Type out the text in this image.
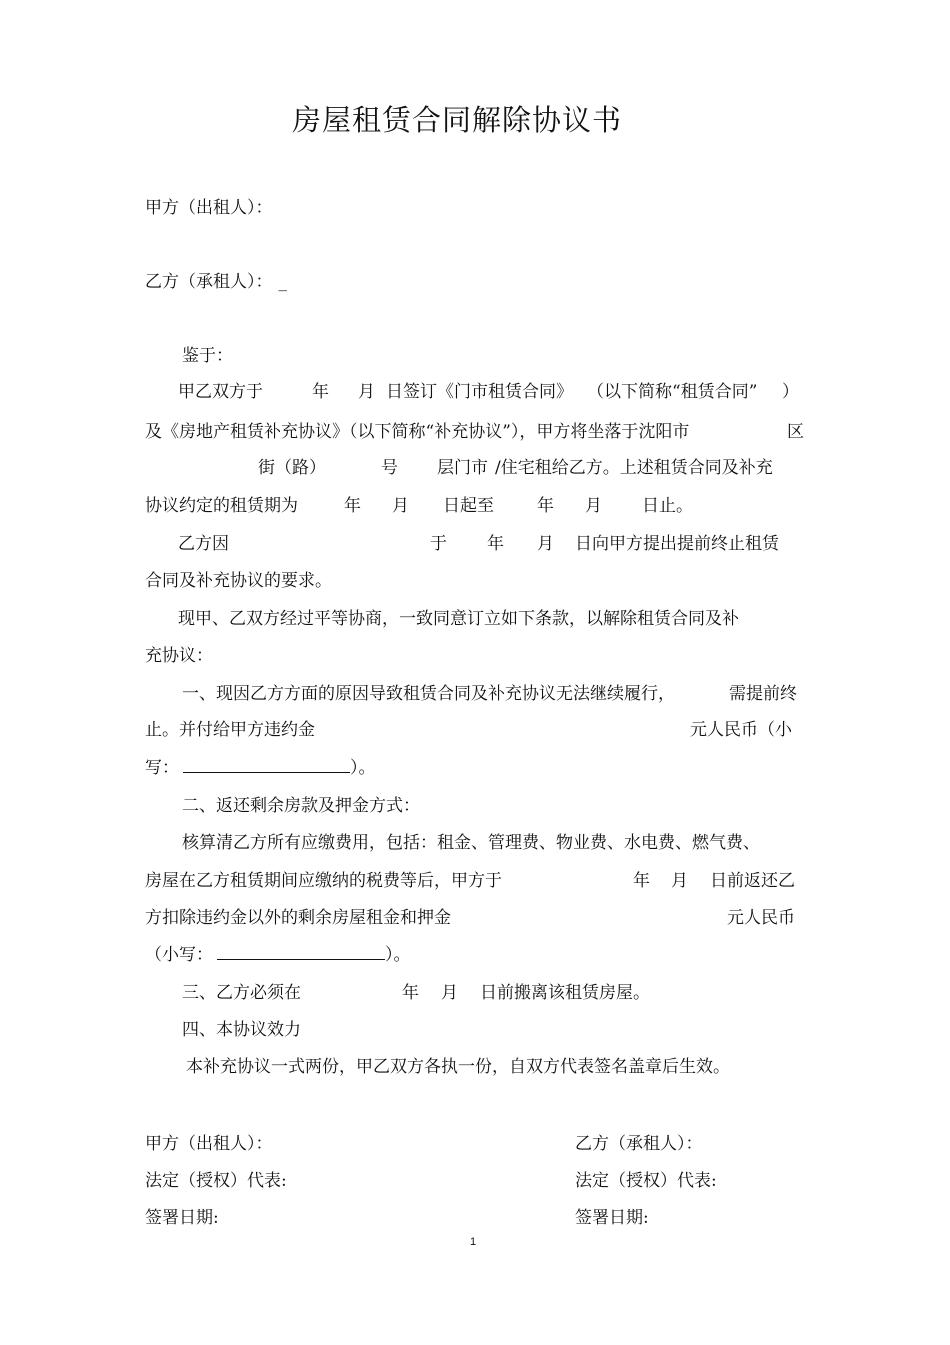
房屋租赁合同解除协议书
甲方（出租人）：
乙方（承租人）： _
鉴于：
甲乙双方于	年 月 日签订《门市租赁合同》 （以下简称“租赁合同” ）
及《房地产租赁补充协议》（以下简称“补充协议”），甲方将坐落于沈阳市	区
街（路）	号 层门市 /住宅租给乙方。上述租赁合同及补充
协议约定的租赁期为	年 月 日起至	年 月 日止。
乙方因	于 年 月 日向甲方提出提前终止租赁
合同及补充协议的要求。
现甲、乙双方经过平等协商，一致同意订立如下条款，以解除租赁合同及补
充协议：
一、现因乙方方面的原因导致租赁合同及补充协议无法继续履行，	需提前终
止。并付给甲方违约金	元人民币（小
写：	）。
二、返还剩余房款及押金方式：
核算清乙方所有应缴费用， 包括：租金、管理费、物业费、水电费、燃气费、
房屋在乙方租赁期间应缴纳的税费等后，甲方于	年 月 日前返还乙
方扣除违约金以外的剩余房屋租金和押金	元人民币
（小写：	）。
三、乙方必须在	年 月 日前搬离该租赁房屋。
四、本协议效力
本补充协议一式两份，甲乙双方各执一份，自双方代表签名盖章后生效。
甲方（出租人）：	乙方（承租人）：
法定（授权）代表:	法定（授权）代表:
签署日期:	签署日期:
1
